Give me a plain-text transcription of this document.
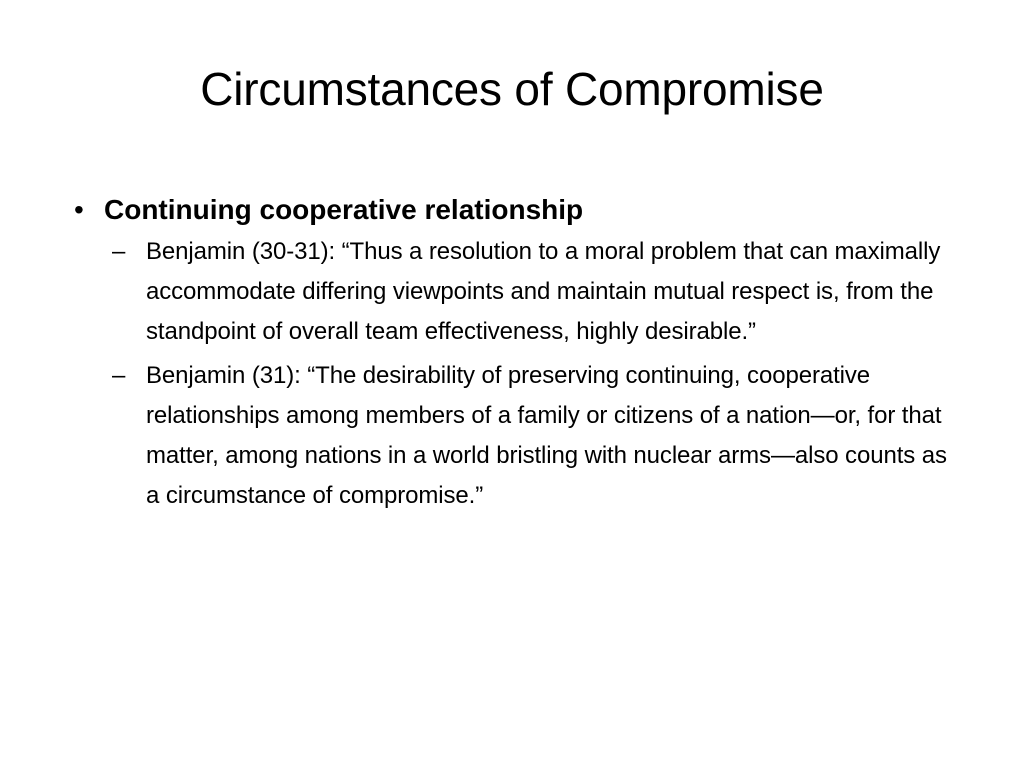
Circumstances of Compromise
• Continuing cooperative relationship
– Benjamin (30-31): “Thus a resolution to a moral problem that can maximally accommodate differing viewpoints and maintain mutual respect is, from the standpoint of overall team effectiveness, highly desirable.”
– Benjamin (31): “The desirability of preserving continuing, cooperative relationships among members of a family or citizens of a nation—or, for that matter, among nations in a world bristling with nuclear arms—also counts as a circumstance of compromise.”
